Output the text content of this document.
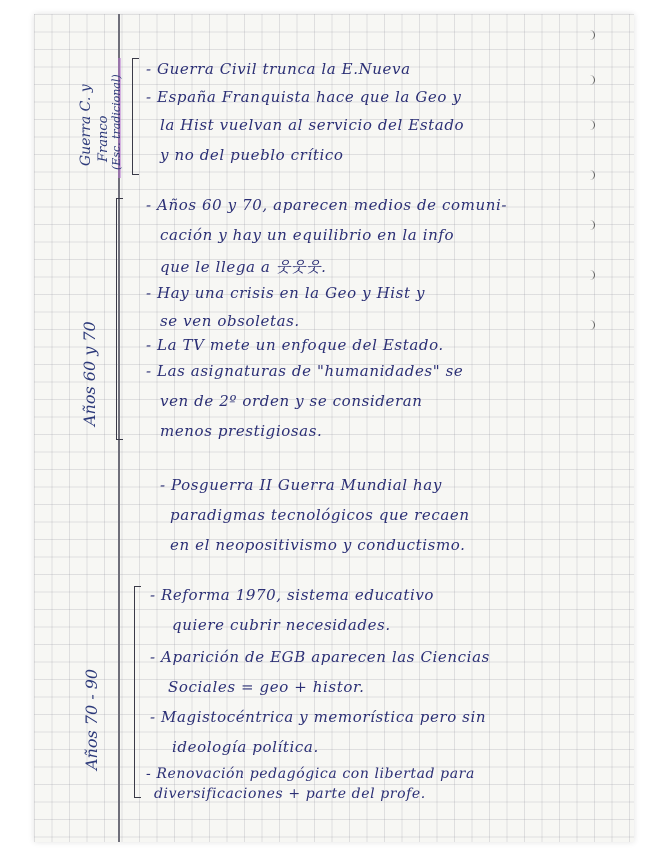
Guerra C. y Franco (Esc. tradicional)
- Guerra Civil trunca la E.Nueva
- España Franquista hace que la Geo y
la Hist vuelvan al servicio del Estado
y no del pueblo crítico
Años 60 y 70
- Años 60 y 70, aparecen medios de comuni-
cación y hay un equilibrio en la info
que le llega a 웃웃웃.
- Hay una crisis en la Geo y Hist y
se ven obsoletas.
- La TV mete un enfoque del Estado.
- Las asignaturas de "humanidades" se
ven de 2º orden y se consideran
menos prestigiosas.
- Posguerra II Guerra Mundial hay
paradigmas tecnológicos que recaen
en el neopositivismo y conductismo.
Años 70 - 90
- Reforma 1970, sistema educativo
quiere cubrir necesidades.
- Aparición de EGB aparecen las Ciencias
Sociales = geo + histor.
- Magistocéntrica y memorística pero sin
ideología política.
- Renovación pedagógica con libertad para
diversificaciones + parte del profe.
